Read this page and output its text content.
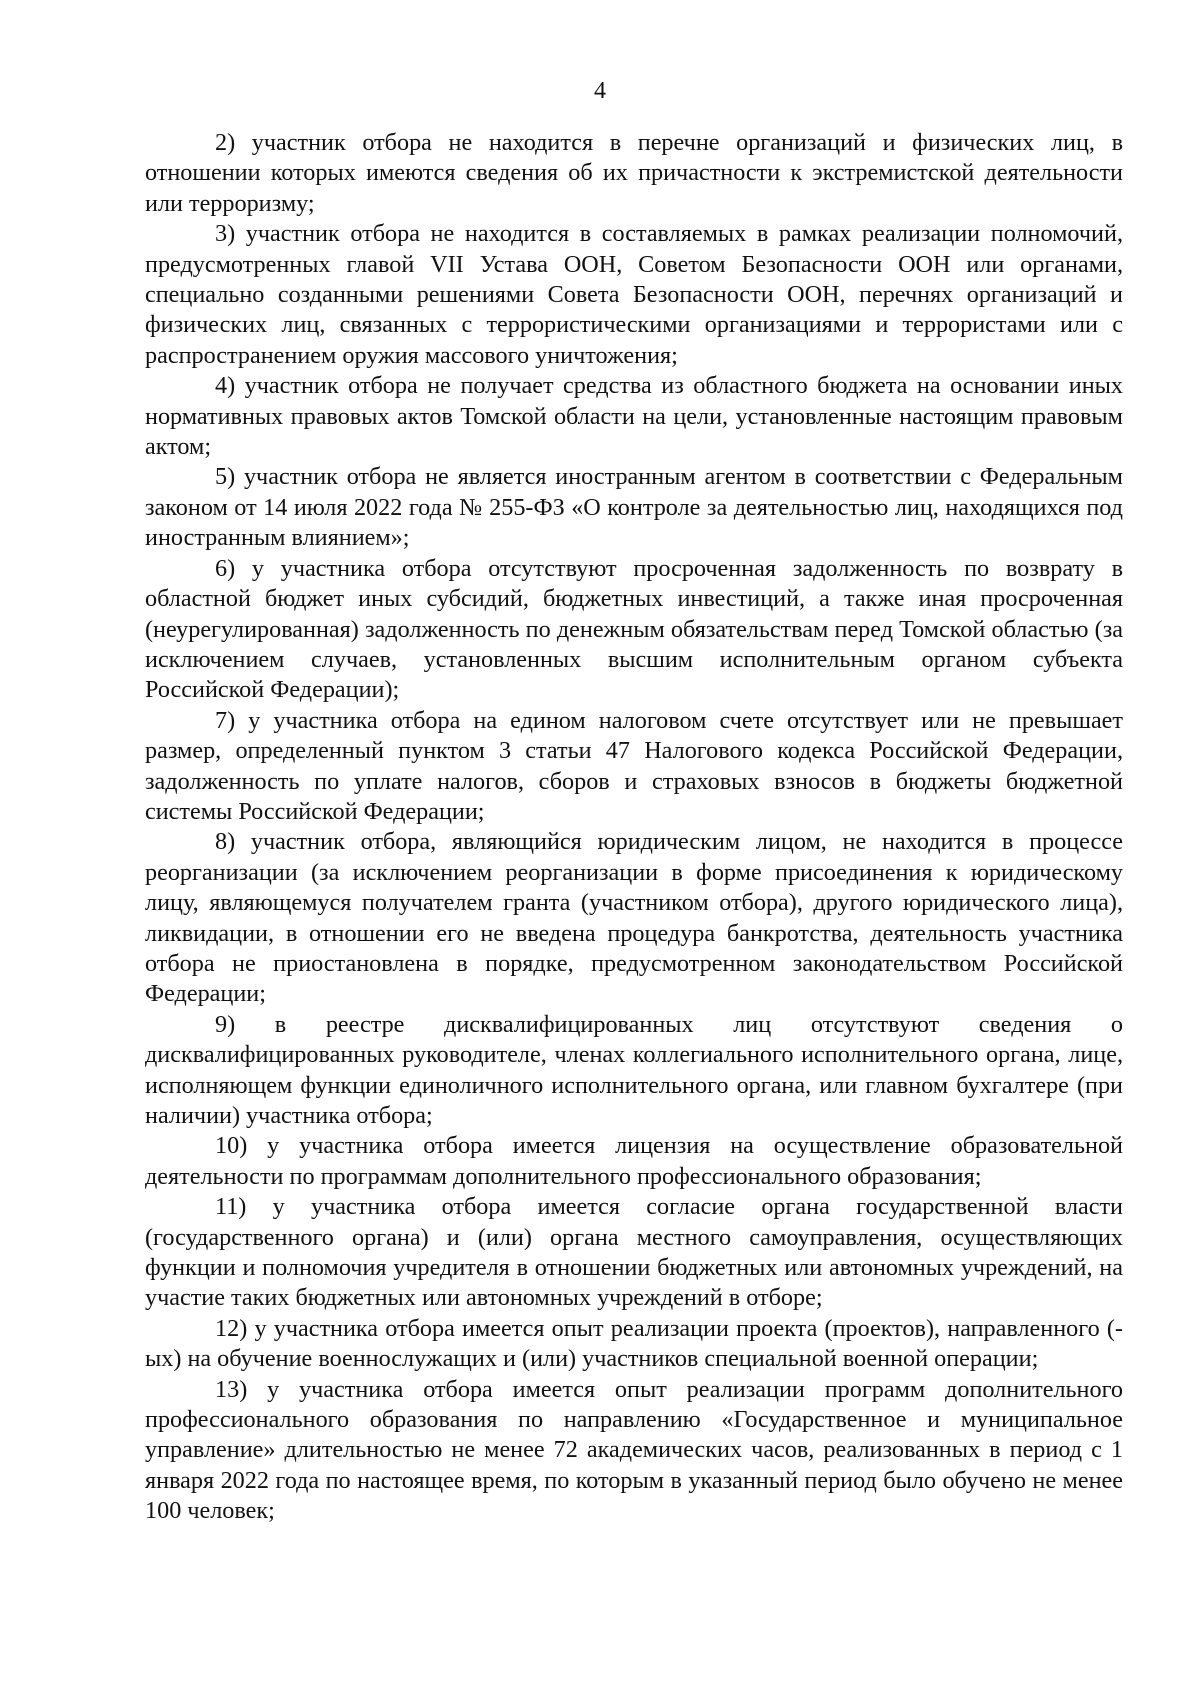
4

2) участник отбора не находится в перечне организаций и физических лиц, в отношении которых имеются сведения об их причастности к экстремистской деятельности или терроризму;

3) участник отбора не находится в составляемых в рамках реализации полномочий, предусмотренных главой VII Устава ООН, Советом Безопасности ООН или органами, специально созданными решениями Совета Безопасности ООН, перечнях организаций и физических лиц, связанных с террористическими организациями и террористами или с распространением оружия массового уничтожения;

4) участник отбора не получает средства из областного бюджета на основании иных нормативных правовых актов Томской области на цели, установленные настоящим правовым актом;

5) участник отбора не является иностранным агентом в соответствии с Федеральным законом от 14 июля 2022 года № 255-ФЗ «О контроле за деятельностью лиц, находящихся под иностранным влиянием»;

6) у участника отбора отсутствуют просроченная задолженность по возврату в областной бюджет иных субсидий, бюджетных инвестиций, а также иная просроченная (неурегулированная) задолженность по денежным обязательствам перед Томской областью (за исключением случаев, установленных высшим исполнительным органом субъекта Российской Федерации);

7) у участника отбора на едином налоговом счете отсутствует или не превышает размер, определенный пунктом 3 статьи 47 Налогового кодекса Российской Федерации, задолженность по уплате налогов, сборов и страховых взносов в бюджеты бюджетной системы Российской Федерации;

8) участник отбора, являющийся юридическим лицом, не находится в процессе реорганизации (за исключением реорганизации в форме присоединения к юридическому лицу, являющемуся получателем гранта (участником отбора), другого юридического лица), ликвидации, в отношении его не введена процедура банкротства, деятельность участника отбора не приостановлена в порядке, предусмотренном законодательством Российской Федерации;

9) в реестре дисквалифицированных лиц отсутствуют сведения о дисквалифицированных руководителе, членах коллегиального исполнительного органа, лице, исполняющем функции единоличного исполнительного органа, или главном бухгалтере (при наличии) участника отбора;

10) у участника отбора имеется лицензия на осуществление образовательной деятельности по программам дополнительного профессионального образования;

11) у участника отбора имеется согласие органа государственной власти (государственного органа) и (или) органа местного самоуправления, осуществляющих функции и полномочия учредителя в отношении бюджетных или автономных учреждений, на участие таких бюджетных или автономных учреждений в отборе;

12) у участника отбора имеется опыт реализации проекта (проектов), направленного (-ых) на обучение военнослужащих и (или) участников специальной военной операции;

13) у участника отбора имеется опыт реализации программ дополнительного профессионального образования по направлению «Государственное и муниципальное управление» длительностью не менее 72 академических часов, реализованных в период с 1 января 2022 года по настоящее время, по которым в указанный период было обучено не менее 100 человек;
